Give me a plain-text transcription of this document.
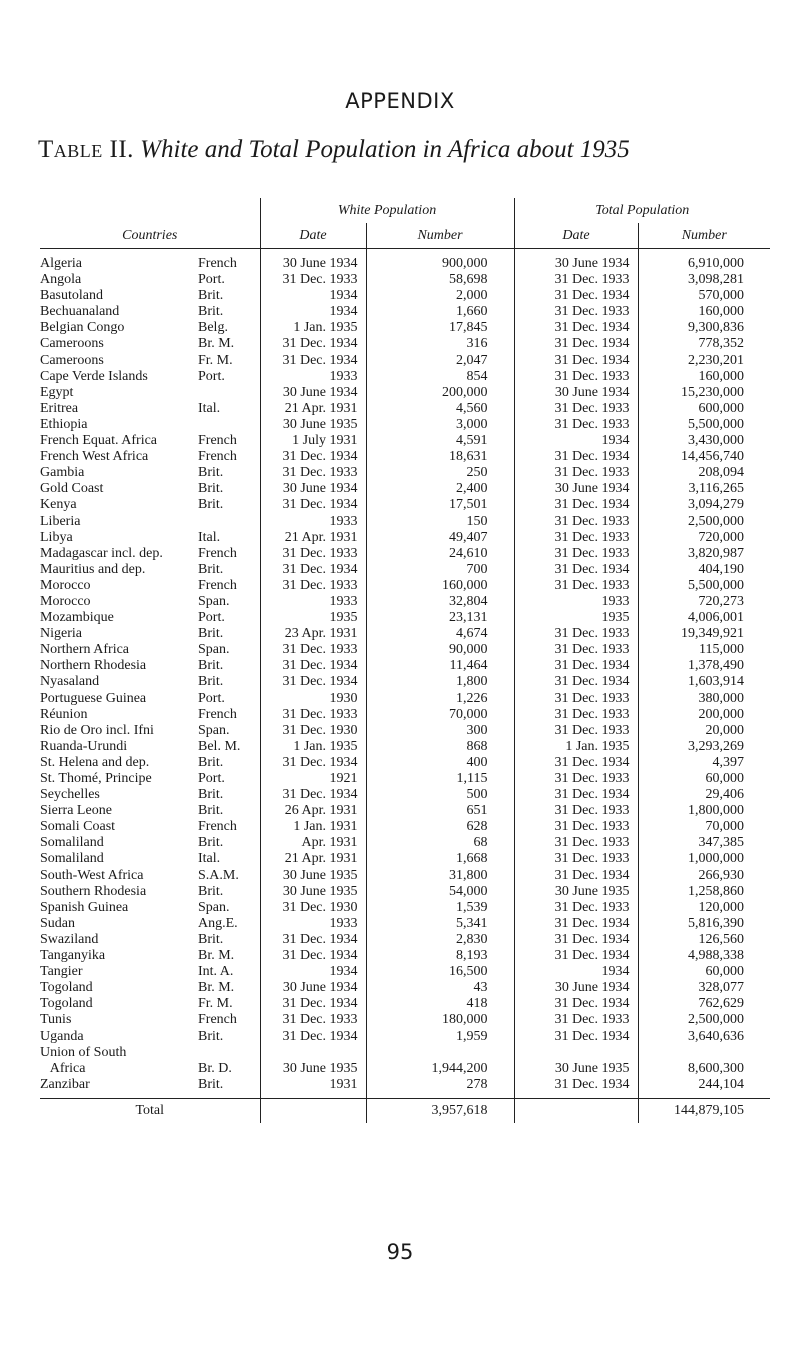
APPENDIX
Table II. White and Total Population in Africa about 1935
		White Population		Total Population	
Countries		Date	Number	Date	Number
Algeria	French	30 June 1934	900,000	30 June 1934	6,910,000
Angola	Port.	31 Dec. 1933	58,698	31 Dec. 1933	3,098,281
Basutoland	Brit.	1934	2,000	31 Dec. 1934	570,000
Bechuanaland	Brit.	1934	1,660	31 Dec. 1933	160,000
Belgian Congo	Belg.	1 Jan. 1935	17,845	31 Dec. 1934	9,300,836
Cameroons	Br. M.	31 Dec. 1934	316	31 Dec. 1934	778,352
Cameroons	Fr. M.	31 Dec. 1934	2,047	31 Dec. 1934	2,230,201
Cape Verde Islands	Port.	1933	854	31 Dec. 1933	160,000
Egypt		30 June 1934	200,000	30 June 1934	15,230,000
Eritrea	Ital.	21 Apr. 1931	4,560	31 Dec. 1933	600,000
Ethiopia		30 June 1935	3,000	31 Dec. 1933	5,500,000
French Equat. Africa	French	1 July 1931	4,591	1934	3,430,000
French West Africa	French	31 Dec. 1934	18,631	31 Dec. 1934	14,456,740
Gambia	Brit.	31 Dec. 1933	250	31 Dec. 1933	208,094
Gold Coast	Brit.	30 June 1934	2,400	30 June 1934	3,116,265
Kenya	Brit.	31 Dec. 1934	17,501	31 Dec. 1934	3,094,279
Liberia		1933	150	31 Dec. 1933	2,500,000
Libya	Ital.	21 Apr. 1931	49,407	31 Dec. 1933	720,000
Madagascar incl. dep.	French	31 Dec. 1933	24,610	31 Dec. 1933	3,820,987
Mauritius and dep.	Brit.	31 Dec. 1934	700	31 Dec. 1934	404,190
Morocco	French	31 Dec. 1933	160,000	31 Dec. 1933	5,500,000
Morocco	Span.	1933	32,804	1933	720,273
Mozambique	Port.	1935	23,131	1935	4,006,001
Nigeria	Brit.	23 Apr. 1931	4,674	31 Dec. 1933	19,349,921
Northern Africa	Span.	31 Dec. 1933	90,000	31 Dec. 1933	115,000
Northern Rhodesia	Brit.	31 Dec. 1934	11,464	31 Dec. 1934	1,378,490
Nyasaland	Brit.	31 Dec. 1934	1,800	31 Dec. 1934	1,603,914
Portuguese Guinea	Port.	1930	1,226	31 Dec. 1933	380,000
Réunion	French	31 Dec. 1933	70,000	31 Dec. 1933	200,000
Rio de Oro incl. Ifni	Span.	31 Dec. 1930	300	31 Dec. 1933	20,000
Ruanda-Urundi	Bel. M.	1 Jan. 1935	868	1 Jan. 1935	3,293,269
St. Helena and dep.	Brit.	31 Dec. 1934	400	31 Dec. 1934	4,397
St. Thomé, Principe	Port.	1921	1,115	31 Dec. 1933	60,000
Seychelles	Brit.	31 Dec. 1934	500	31 Dec. 1934	29,406
Sierra Leone	Brit.	26 Apr. 1931	651	31 Dec. 1933	1,800,000
Somali Coast	French	1 Jan. 1931	628	31 Dec. 1933	70,000
Somaliland	Brit.	Apr. 1931	68	31 Dec. 1933	347,385
Somaliland	Ital.	21 Apr. 1931	1,668	31 Dec. 1933	1,000,000
South-West Africa	S.A.M.	30 June 1935	31,800	31 Dec. 1934	266,930
Southern Rhodesia	Brit.	30 June 1935	54,000	30 June 1935	1,258,860
Spanish Guinea	Span.	31 Dec. 1930	1,539	31 Dec. 1933	120,000
Sudan	Ang.E.	1933	5,341	31 Dec. 1934	5,816,390
Swaziland	Brit.	31 Dec. 1934	2,830	31 Dec. 1934	126,560
Tanganyika	Br. M.	31 Dec. 1934	8,193	31 Dec. 1934	4,988,338
Tangier	Int. A.	1934	16,500	1934	60,000
Togoland	Br. M.	30 June 1934	43	30 June 1934	328,077
Togoland	Fr. M.	31 Dec. 1934	418	31 Dec. 1934	762,629
Tunis	French	31 Dec. 1933	180,000	31 Dec. 1933	2,500,000
Uganda	Brit.	31 Dec. 1934	1,959	31 Dec. 1934	3,640,636
Union of South					
Africa	Br. D.	30 June 1935	1,944,200	30 June 1935	8,600,300
Zanzibar	Brit.	1931	278	31 Dec. 1934	244,104
Total			3,957,618		144,879,105
95
